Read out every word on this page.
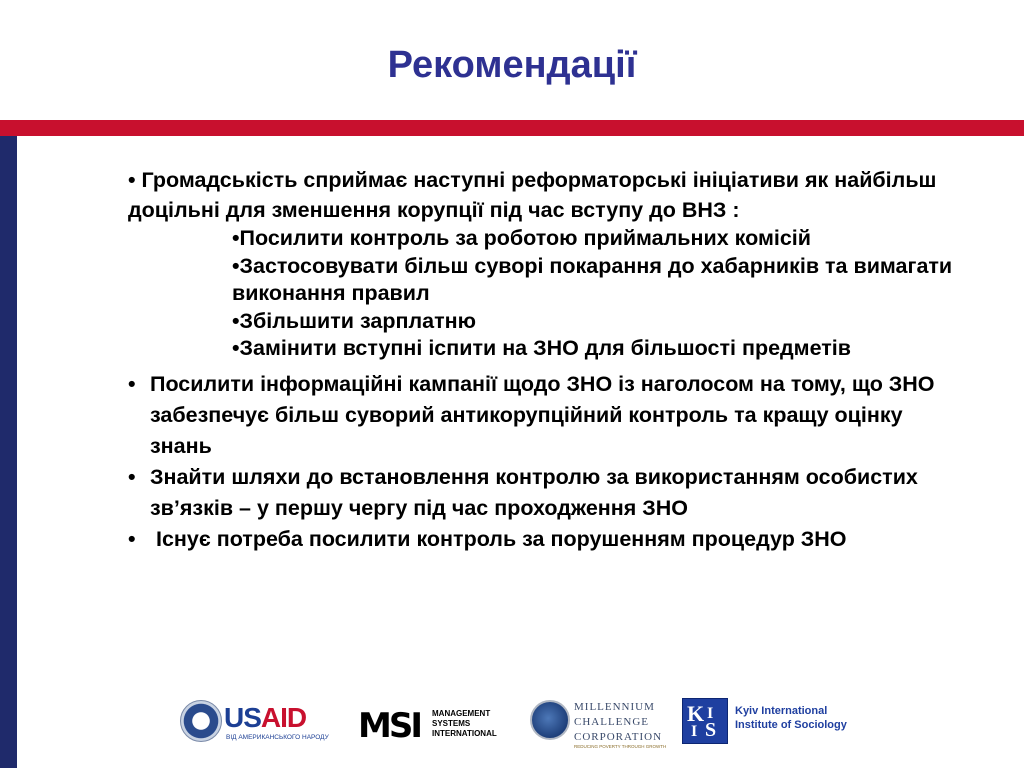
Рекомендації

• Громадськість сприймає наступні реформаторські ініціативи як найбільш доцільні для зменшення корупції під час вступу до ВНЗ :

•Посилити контроль за роботою приймальних комісій
•Застосовувати більш суворі покарання до хабарників та вимагати виконання правил
•Збільшити зарплатню
•Замінити вступні іспити на ЗНО для більшості предметів
• Посилити інформаційні кампанії щодо ЗНО із наголосом на тому, що ЗНО забезпечує більш суворий антикорупційний контроль та кращу оцінку знань
• Знайти шляхи до встановлення контролю за використанням особистих зв’язків – у першу чергу під час проходження ЗНО
• Існує потреба посилити контроль за порушенням процедур ЗНО
USAID
ВІД АМЕРИКАНСЬКОГО НАРОДУ MSI MANAGEMENT
SYSTEMS
INTERNATIONAL
MILLENNIUM
CHALLENGE
CORPORATION
REDUCING POVERTY THROUGH GROWTH
K I
I S
Kyiv International
Institute of Sociology
